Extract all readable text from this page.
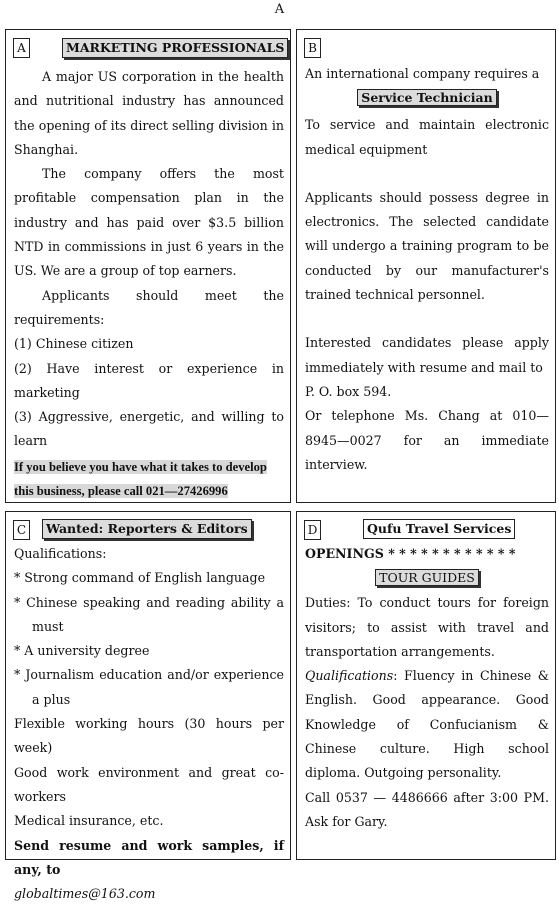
A
A	MARKETING PROFESSIONALS

A major US corporation in the health and nutritional industry has announced the opening of its direct selling division in Shanghai.

The company offers the most profitable compensation plan in the industry and has paid over $3.5 billion NTD in commissions in just 6 years in the US. We are a group of top earners.

Applicants should meet the requirements:

(1) Chinese citizen

(2) Have interest or experience in marketing

(3) Aggressive, energetic, and willing to learn

If you believe you have what it takes to develop

this business, please call 021—27426996

B

An international company requires a

Service Technician

To service and maintain electronic medical equipment

Applicants should possess degree in electronics. The selected candidate will undergo a training program to be conducted by our manufacturer's trained technical personnel.

Interested candidates please apply immediately with resume and mail to

P. O. box 594.

Or telephone Ms. Chang at 010—8945—0027 for an immediate interview.

C	Wanted: Reporters & Editors

Qualifications:

* Strong command of English language

* Chinese speaking and reading ability a must

* A university degree

* Journalism education and/or experience a plus

Flexible working hours (30 hours per week)

Good work environment and great co-workers

Medical insurance, etc.

Send resume and work samples, if any, to

globaltimes@163.com

D	Qufu Travel Services

OPENINGS * * * * * * * * * * * *

TOUR GUIDES

Duties: To conduct tours for foreign visitors; to assist with travel and transportation arrangements.

Qualifications: Fluency in Chinese & English. Good appearance. Good Knowledge of Confucianism & Chinese culture. High school diploma. Outgoing personality.

Call 0537 — 4486666 after 3:00 PM. Ask for Gary.
